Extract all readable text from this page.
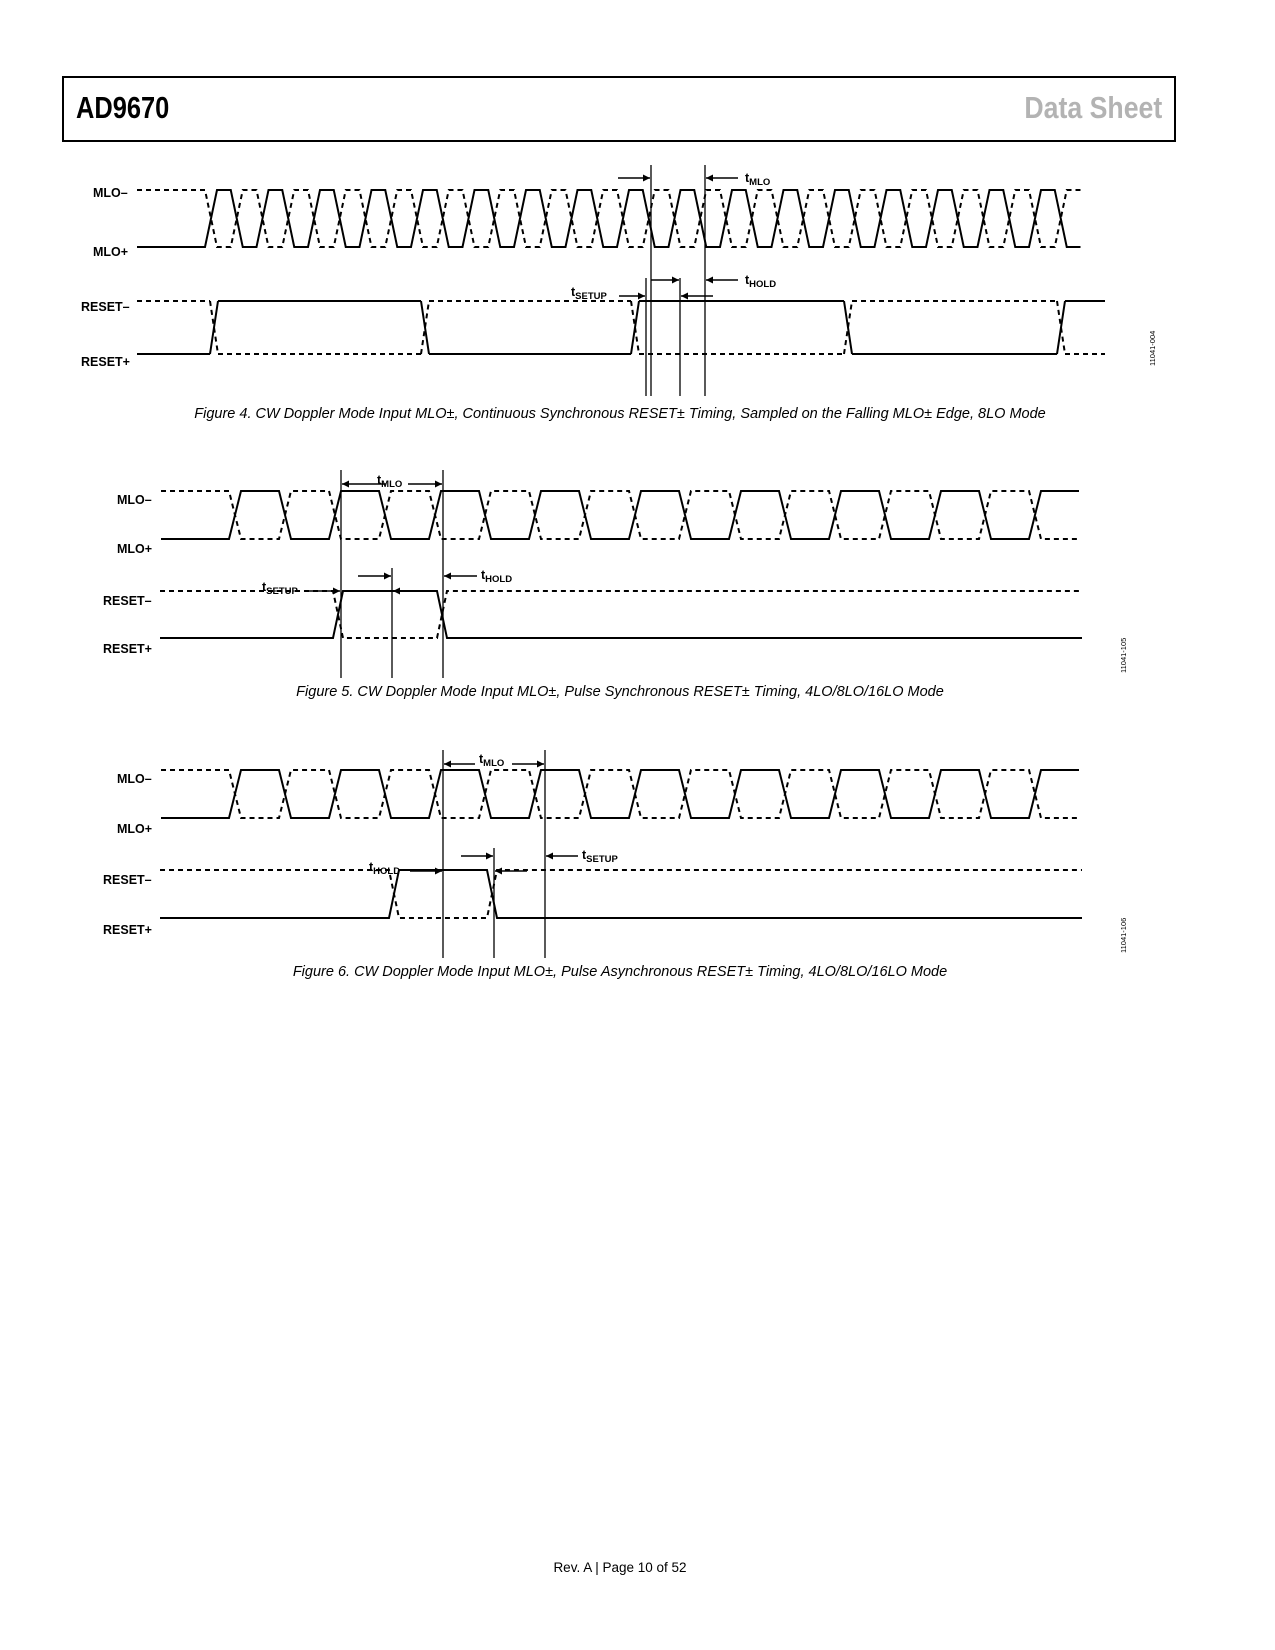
AD9670	Data Sheet
MLO–
MLO+
RESET–
RESET+
$t_{MLO}$
$t_{SETUP}$
$t_{HOLD}$
11041-004
Figure 4. CW Doppler Mode Input MLO±, Continuous Synchronous RESET± Timing, Sampled on the Falling MLO± Edge, 8LO Mode
MLO–
MLO+
RESET–
RESET+
$t_{MLO}$
$t_{SETUP}$
$t_{HOLD}$
11041-105
Figure 5. CW Doppler Mode Input MLO±, Pulse Synchronous RESET± Timing, 4LO/8LO/16LO Mode
MLO–
MLO+
RESET–
RESET+
$t_{MLO}$
$t_{HOLD}$
$t_{SETUP}$
11041-106
Figure 6. CW Doppler Mode Input MLO±, Pulse Asynchronous RESET± Timing, 4LO/8LO/16LO Mode
Rev. A | Page 10 of 52
